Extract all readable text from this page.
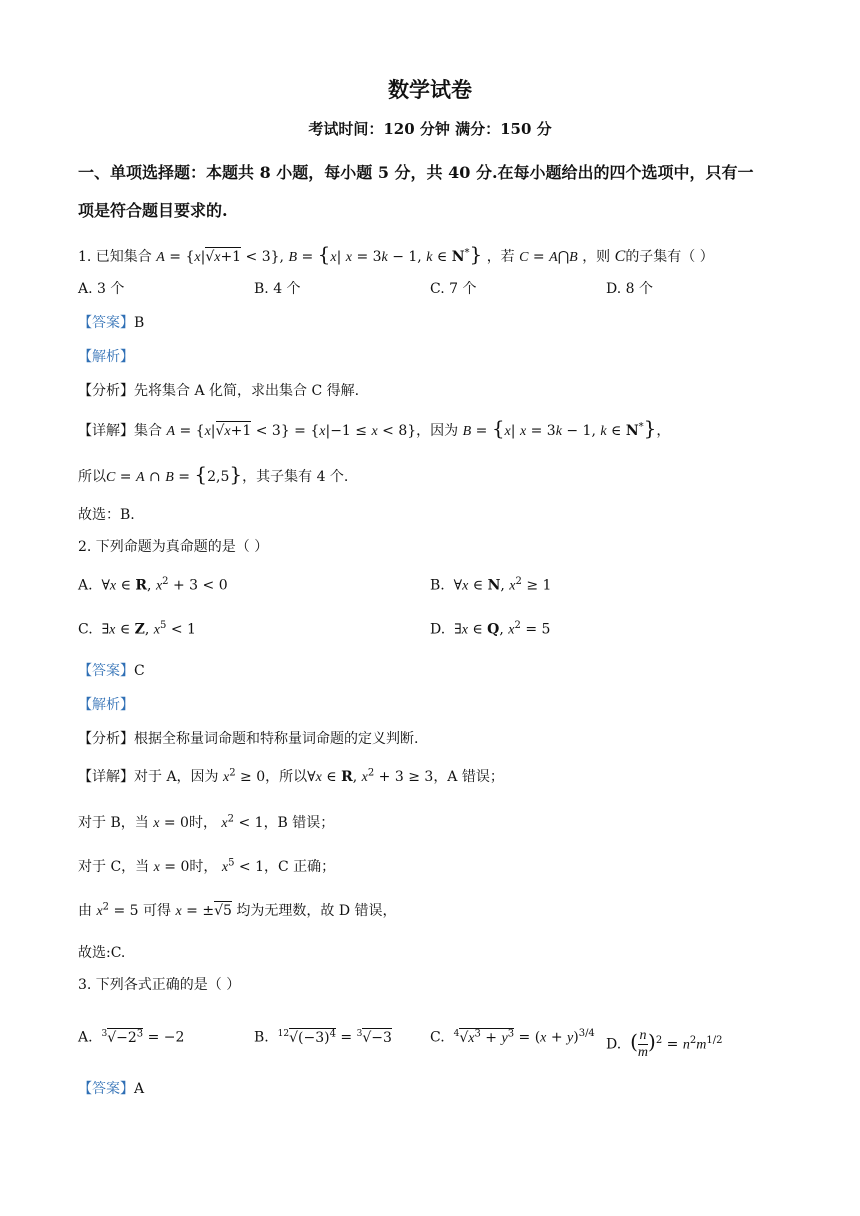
数学试卷
考试时间：120 分钟 满分：150 分
一、单项选择题：本题共 8 小题，每小题 5 分，共 40 分.在每小题给出的四个选项中，只有一
项是符合题目要求的.
1. 已知集合 A = {x|√x+1 < 3}, B = {x| x = 3k − 1, k ∈ N*} ，若 C = A⋂B ，则 C的子集有（ ）
A. 3 个	B. 4 个	C. 7 个	D. 8 个
【答案】B
【解析】
【分析】先将集合 A 化简，求出集合 C 得解.
【详解】集合 A = {x|√x+1 < 3} = {x|−1 ≤ x < 8}，因为 B = {x| x = 3k − 1, k ∈ N*}，
所以C = A ∩ B = {2,5}，其子集有 4 个.
故选：B.
2. 下列命题为真命题的是（ ）
A.  ∀x ∈ R, $x^2 + 3 < 0$	B.  ∀x ∈ N, $x^2 \ge 1$
C.  ∃x ∈ Z, $x^5 < 1$	D.  ∃x ∈ Q, $x^2 = 5$
【答案】C
【解析】
【分析】根据全称量词命题和特称量词命题的定义判断.
【详解】对于 A，因为 $x^2 \ge 0$，所以∀x ∈ R, $x^2 + 3 \ge 3$，A 错误；
对于 B，当 x = 0时， $x^2 < 1$，B 错误；
对于 C，当 x = 0时， $x^5 < 1$，C 正确；
由 $x^2 = 5$ 可得 x = ±√5 均为无理数，故 D 错误，
故选:C.
3. 下列各式正确的是（ ）
A. $^3√-2^3 = -2$	B. $^{12}√(-3)^4 = ^3√-3$	C. $^4√x^3 + y^3 = (x + y)^{3/4}$
D. ( $\frac{n}{m} )^2 = n^2m^{1/2}$
【答案】A
